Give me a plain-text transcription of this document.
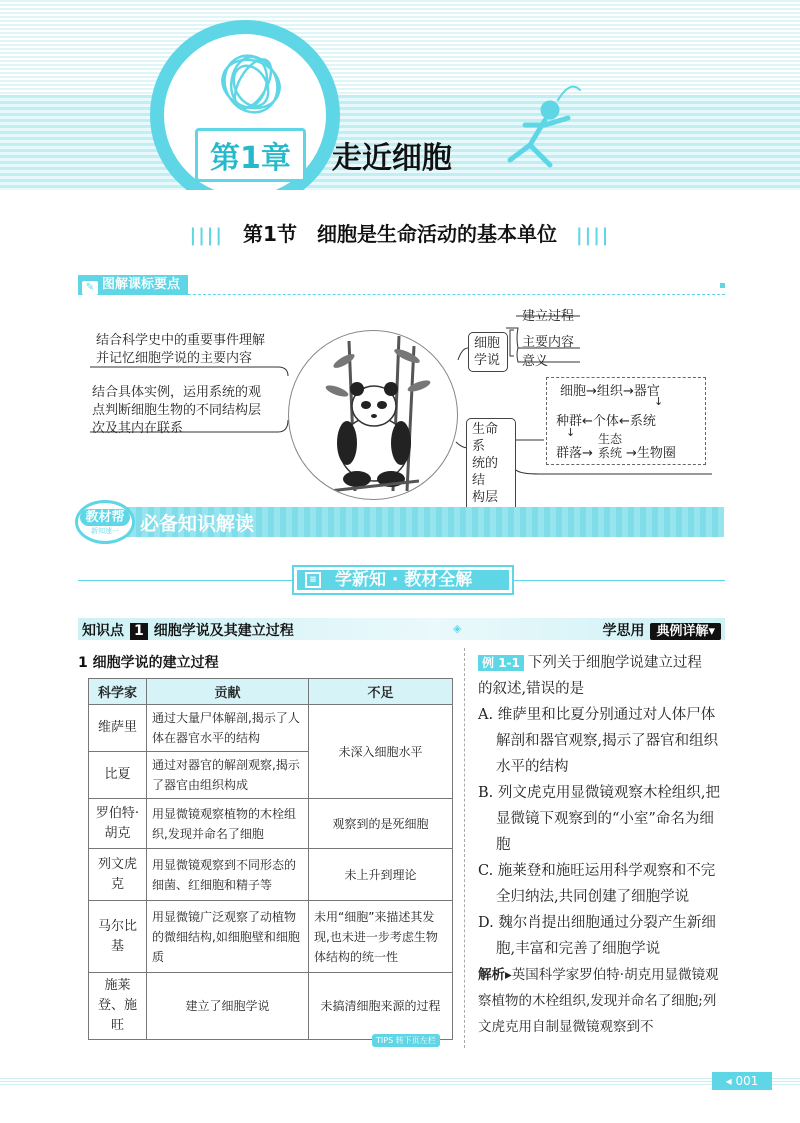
第1章	走近细胞
|||| 第1节　细胞是生命活动的基本单位 ||||
✎ 图解课标要点
结合科学史中的重要事件理解
并记忆细胞学说的主要内容
结合具体实例，运用系统的观
点判断细胞生物的不同结构层
次及其内在联系
细胞
学说
建立过程
主要内容
意义
生命系
统的结
构层
细胞→组织→器官
↓
种群←个体←系统
↓
群落→
生态
系统 →生物圈
必备知识解读
教材帮
新知速一
≡ 学新知 · 教材全解
知识点 1 细胞学说及其建立过程	◈	学思用 典例详解▾
1 细胞学说的建立过程
科学家	贡献	不足
维萨里	通过大量尸体解剖,揭示了人体在器官水平的结构	未深入细胞水平
比夏	通过对器官的解剖观察,揭示了器官由组织构成	
罗伯特·胡克	用显微镜观察植物的木栓组织,发现并命名了细胞	观察到的是死细胞
列文虎克	用显微镜观察到不同形态的细菌、红细胞和精子等	未上升到理论
马尔比基	用显微镜广泛观察了动植物的微细结构,如细胞壁和细胞质	未用“细胞”来描述其发现,也未进一步考虑生物体结构的统一性
施莱登、施旺	建立了细胞学说	未搞清细胞来源的过程
TIPS 转下页左栏
例 1-1 下列关于细胞学说建立过程
的叙述,错误的是
A. 维萨里和比夏分别通过对人体尸体解剖和器官观察,揭示了器官和组织水平的结构
B. 列文虎克用显微镜观察木栓组织,把显微镜下观察到的“小室”命名为细胞
C. 施莱登和施旺运用科学观察和不完全归纳法,共同创建了细胞学说
D. 魏尔肖提出细胞通过分裂产生新细胞,丰富和完善了细胞学说
解析▸英国科学家罗伯特·胡克用显微镜观察植物的木栓组织,发现并命名了细胞;列文虎克用自制显微镜观察到不
◂ 001
